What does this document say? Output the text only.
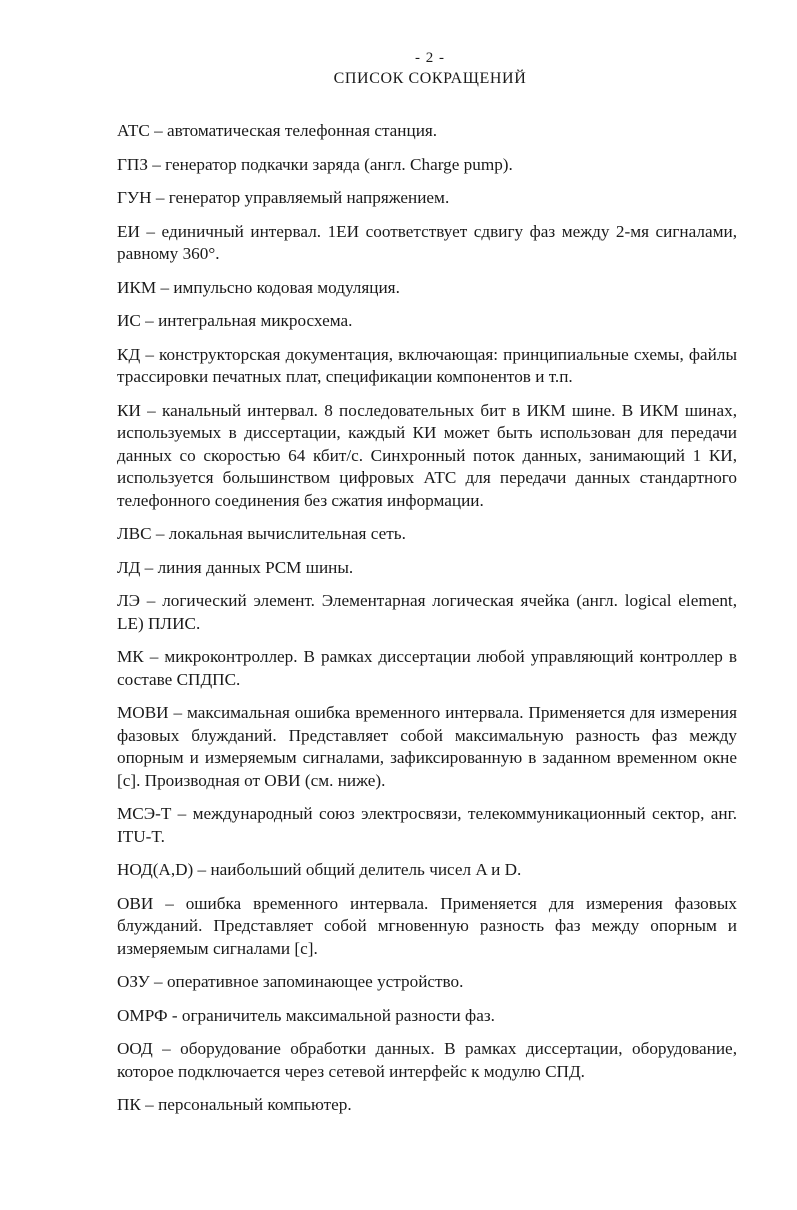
- 2 -
СПИСОК СОКРАЩЕНИЙ

АТС – автоматическая телефонная станция.

ГПЗ – генератор подкачки заряда (англ. Charge pump).

ГУН – генератор управляемый напряжением.

ЕИ – единичный интервал. 1ЕИ соответствует сдвигу фаз между 2-мя сигналами, равному 360°.

ИКМ – импульсно кодовая модуляция.

ИС – интегральная микросхема.

КД – конструкторская документация, включающая: принципиальные схемы, файлы трассировки печатных плат, спецификации компонентов и т.п.

КИ – канальный интервал. 8 последовательных бит в ИКМ шине. В ИКМ шинах, используемых в диссертации, каждый КИ может быть использован для передачи данных со скоростью 64 кбит/с. Синхронный поток данных, занимающий 1 КИ, используется большинством цифровых АТС для передачи данных стандартного телефонного соединения без сжатия информации.

ЛВС – локальная вычислительная сеть.

ЛД – линия данных PCM шины.

ЛЭ – логический элемент. Элементарная логическая ячейка (англ. logical element, LE) ПЛИС.

МК – микроконтроллер. В рамках диссертации любой управляющий контроллер в составе СПДПС.

МОВИ – максимальная ошибка временного интервала. Применяется для измерения фазовых блужданий. Представляет собой максимальную разность фаз между опорным и измеряемым сигналами, зафиксированную в заданном временном окне [c]. Производная от ОВИ (см. ниже).

МСЭ-Т – международный союз электросвязи, телекоммуникационный сектор, анг. ITU-T.

НОД(A,D) – наибольший общий делитель чисел A и D.

ОВИ – ошибка временного интервала. Применяется для измерения фазовых блужданий. Представляет собой мгновенную разность фаз между опорным и измеряемым сигналами [c].

ОЗУ – оперативное запоминающее устройство.

ОМРФ - ограничитель максимальной разности фаз.

ООД – оборудование обработки данных. В рамках диссертации, оборудование, которое подключается через сетевой интерфейс к модулю СПД.

ПК – персональный компьютер.
